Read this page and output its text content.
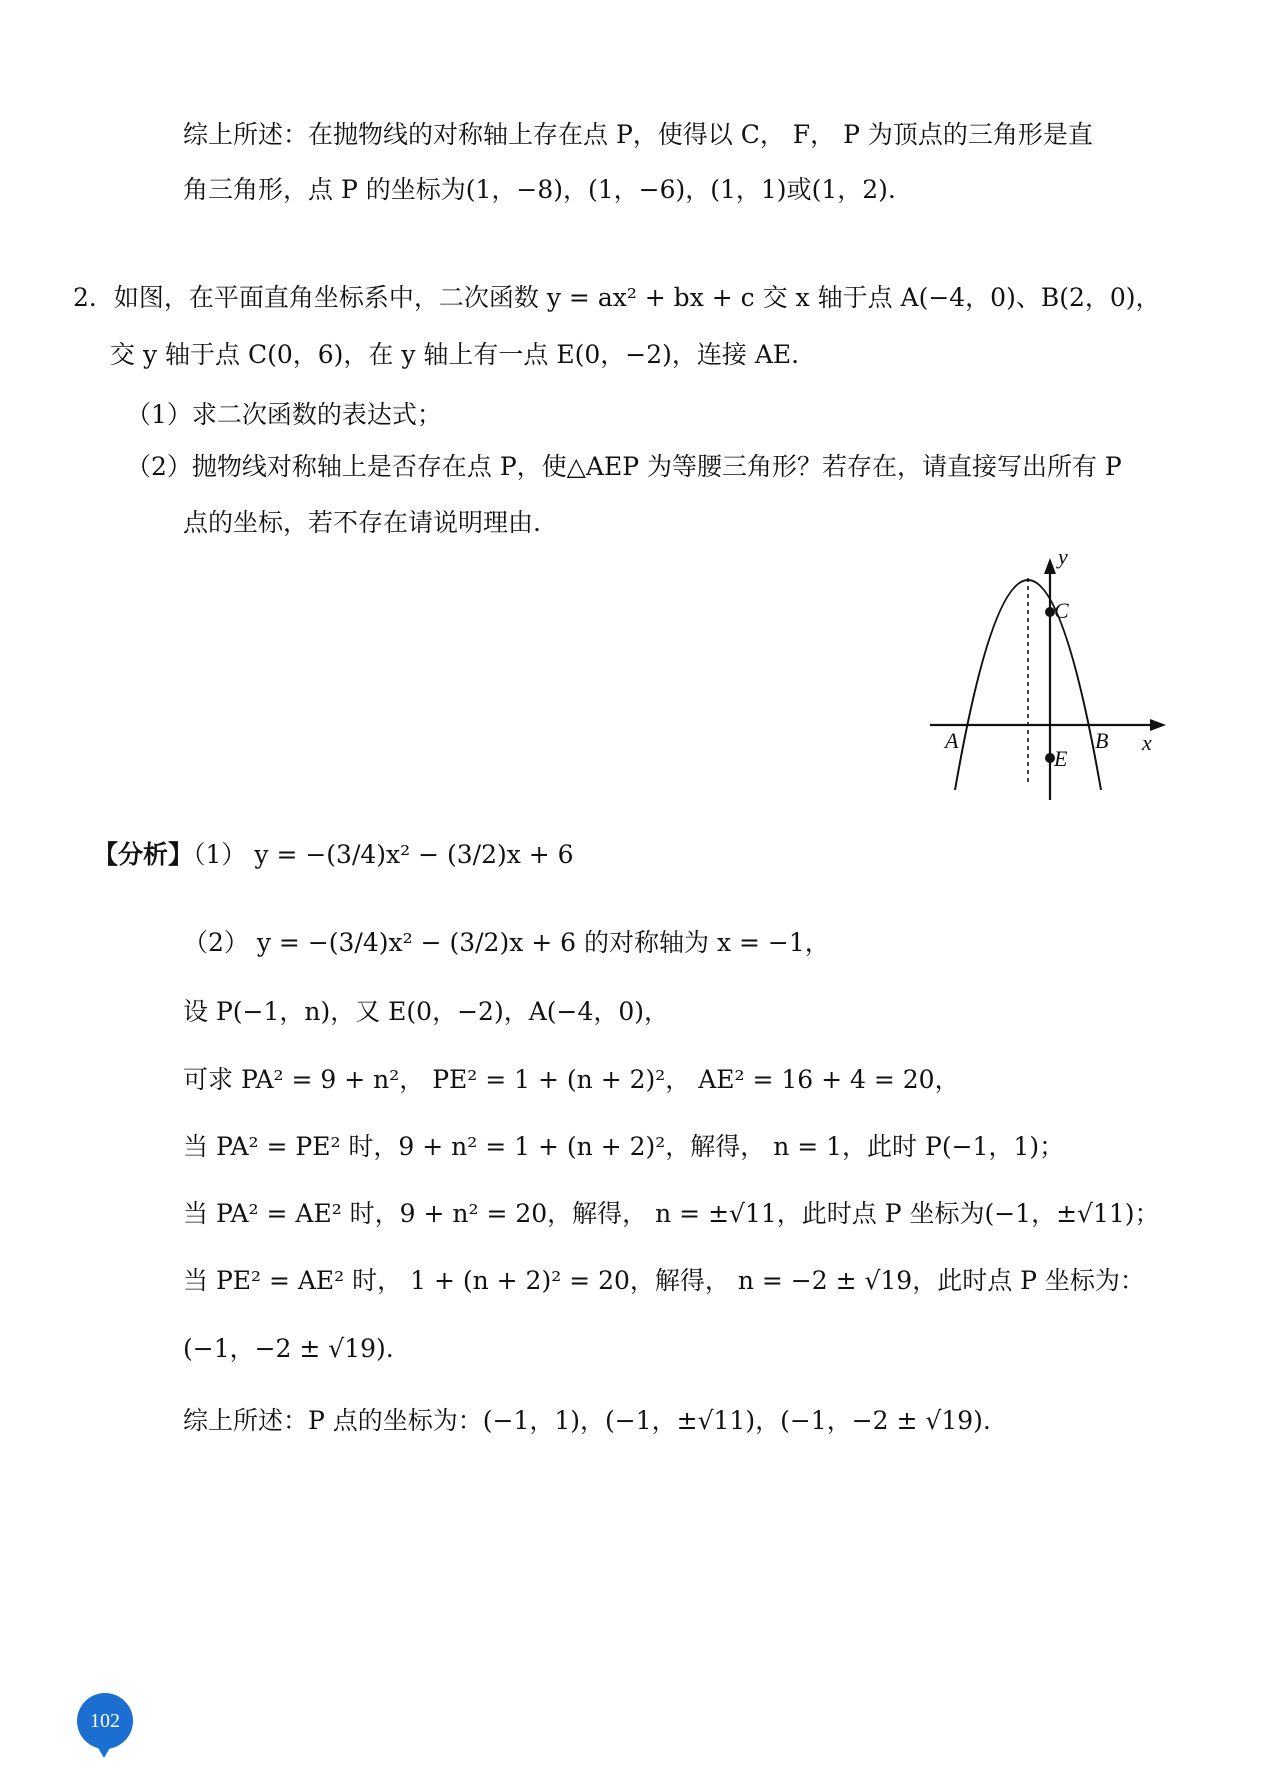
综上所述：在抛物线的对称轴上存在点 P，使得以 C， F， P 为顶点的三角形是直
角三角形，点 P 的坐标为(1，−8)，(1，−6)，(1，1)或(1，2).
2．如图，在平面直角坐标系中，二次函数 y = ax² + bx + c 交 x 轴于点 A(−4，0)、B(2，0)，
交 y 轴于点 C(0，6)，在 y 轴上有一点 E(0，−2)，连接 AE.
（1）求二次函数的表达式；
（2）抛物线对称轴上是否存在点 P，使△AEP 为等腰三角形？若存在，请直接写出所有 P
点的坐标，若不存在请说明理由.
y
x
A	B
C
E
【分析】（1） y = −(3/4)x² − (3/2)x + 6
（2） y = −(3/4)x² − (3/2)x + 6 的对称轴为 x = −1，
设 P(−1，n)，又 E(0，−2)，A(−4，0)，
可求 PA² = 9 + n²， PE² = 1 + (n + 2)²， AE² = 16 + 4 = 20，
当 PA² = PE² 时，9 + n² = 1 + (n + 2)²，解得， n = 1，此时 P(−1，1)；
当 PA² = AE² 时，9 + n² = 20，解得， n = ±√11，此时点 P 坐标为(−1，±√11)；
当 PE² = AE² 时， 1 + (n + 2)² = 20，解得， n = −2 ± √19，此时点 P 坐标为：
(−1，−2 ± √19).
综上所述：P 点的坐标为：(−1，1)，(−1，±√11)，(−1，−2 ± √19).
102
